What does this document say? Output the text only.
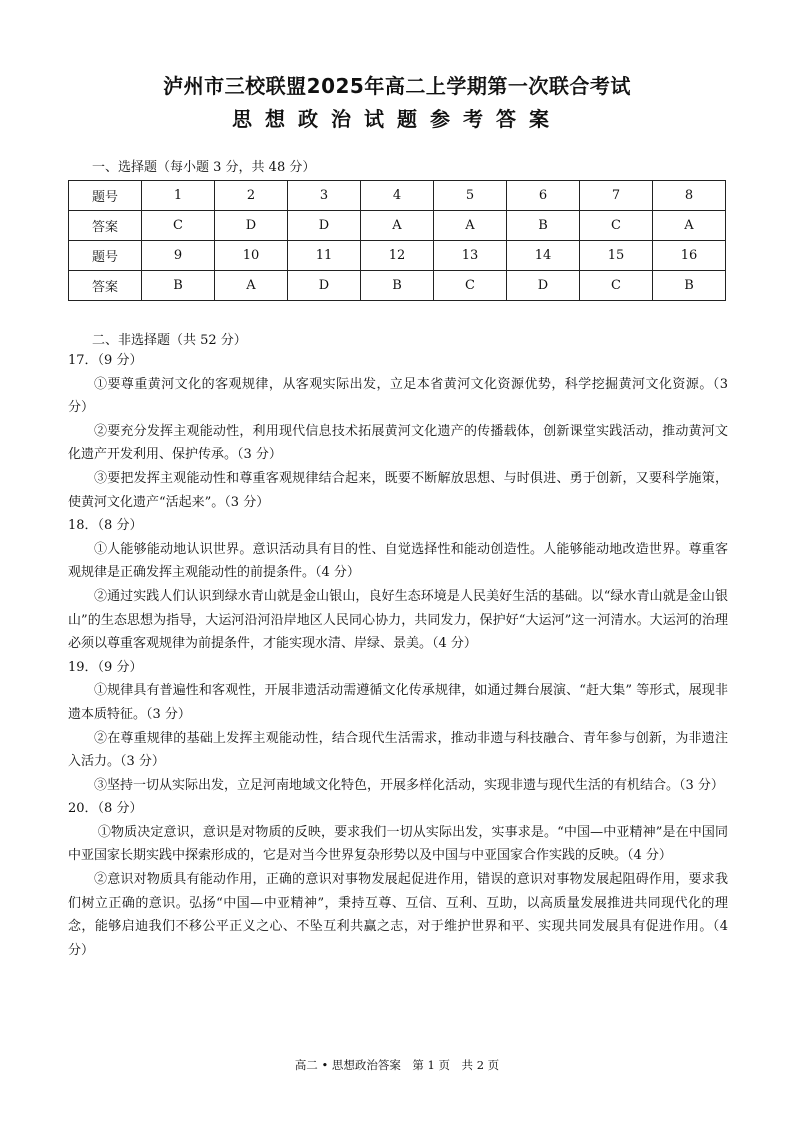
泸州市三校联盟2025年高二上学期第一次联合考试
思想政治试题参考答案
一、选择题（每小题 3 分，共 48 分）
题号	1	2	3	4	5	6	7	8
答案	C	D	D	A	A	B	C	A
题号	9	10	11	12	13	14	15	16
答案	B	A	D	B	C	D	C	B
二、非选择题（共 52 分）

17．（9 分）

①要尊重黄河文化的客观规律，从客观实际出发，立足本省黄河文化资源优势，科学挖掘黄河文化资源。（3 分）

②要充分发挥主观能动性，利用现代信息技术拓展黄河文化遗产的传播载体，创新课堂实践活动，推动黄河文化遗产开发利用、保护传承。（3 分）

③要把发挥主观能动性和尊重客观规律结合起来，既要不断解放思想、与时俱进、勇于创新，又要科学施策，使黄河文化遗产“活起来”。（3 分）

18．（8 分）

①人能够能动地认识世界。意识活动具有目的性、自觉选择性和能动创造性。人能够能动地改造世界。尊重客观规律是正确发挥主观能动性的前提条件。（4 分）

②通过实践人们认识到绿水青山就是金山银山，良好生态环境是人民美好生活的基础。以“绿水青山就是金山银山”的生态思想为指导，大运河沿河沿岸地区人民同心协力，共同发力，保护好“大运河”这一河清水。大运河的治理必须以尊重客观规律为前提条件，才能实现水清、岸绿、景美。（4 分）

19．（9 分）

①规律具有普遍性和客观性，开展非遗活动需遵循文化传承规律，如通过舞台展演、“赶大集” 等形式，展现非遗本质特征。（3 分）

②在尊重规律的基础上发挥主观能动性，结合现代生活需求，推动非遗与科技融合、青年参与创新，为非遗注入活力。（3 分）

③坚持一切从实际出发，立足河南地域文化特色，开展多样化活动，实现非遗与现代生活的有机结合。（3 分）

20．（8 分）

①物质决定意识，意识是对物质的反映，要求我们一切从实际出发，实事求是。“中国—中亚精神”是在中国同中亚国家长期实践中探索形成的，它是对当今世界复杂形势以及中国与中亚国家合作实践的反映。（4 分）

②意识对物质具有能动作用，正确的意识对事物发展起促进作用，错误的意识对事物发展起阻碍作用，要求我们树立正确的意识。弘扬“中国—中亚精神”，秉持互尊、互信、互利、互助，以高质量发展推进共同现代化的理念，能够启迪我们不移公平正义之心、不坠互利共赢之志，对于维护世界和平、实现共同发展具有促进作用。（4 分）

高二 • 思想政治答案　第 1 页　共 2 页
